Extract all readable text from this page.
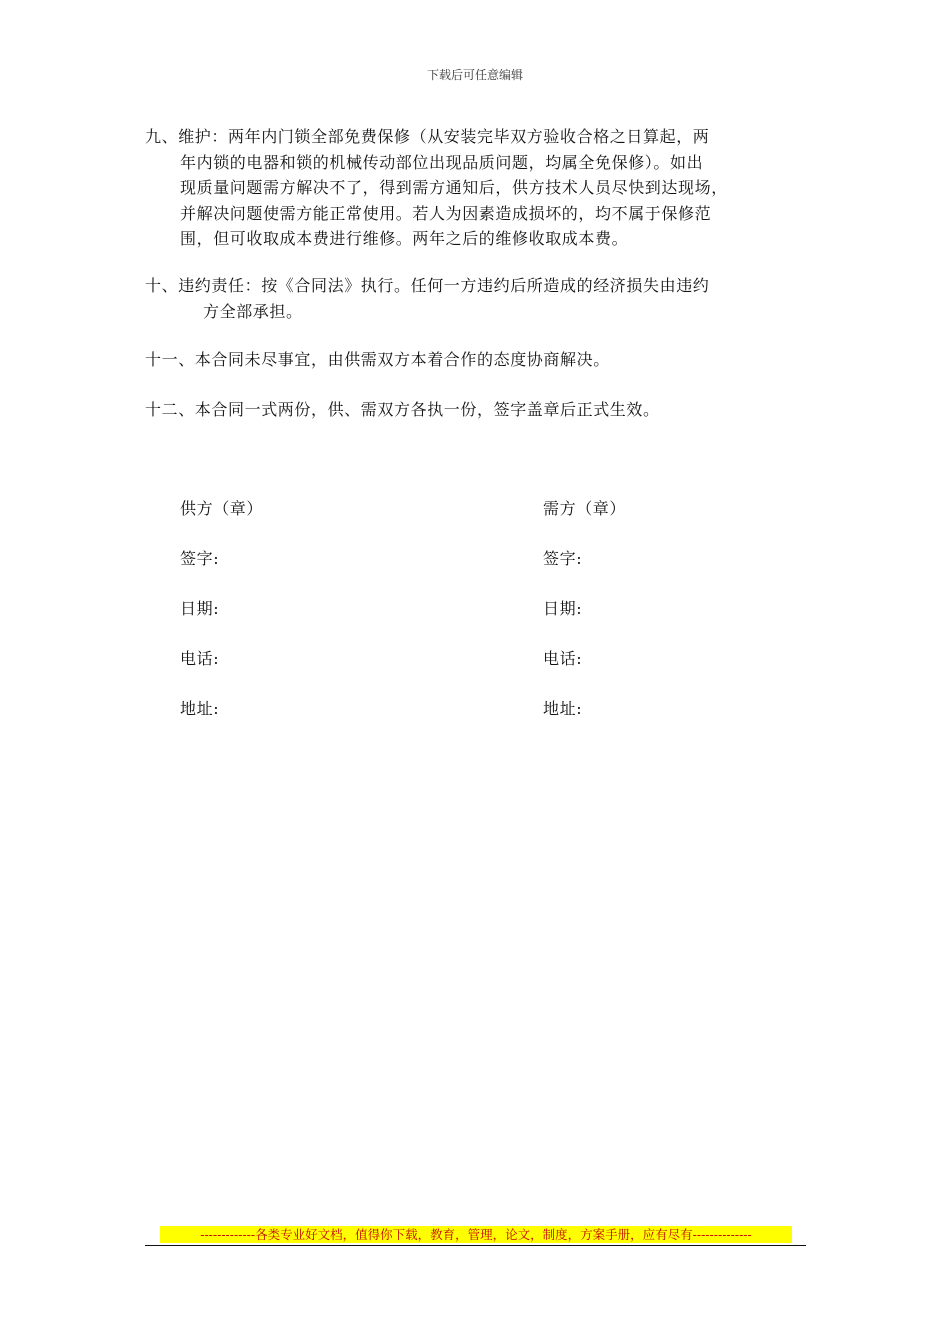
下载后可任意编辑
九、维护：两年内门锁全部免费保修（从安装完毕双方验收合格之日算起，两
年内锁的电器和锁的机械传动部位出现品质问题，均属全免保修）。如出
现质量问题需方解决不了，得到需方通知后，供方技术人员尽快到达现场，
并解决问题使需方能正常使用。若人为因素造成损坏的，均不属于保修范
围，但可收取成本费进行维修。两年之后的维修收取成本费。
十、违约责任：按《合同法》执行。任何一方违约后所造成的经济损失由违约
方全部承担。
十一、本合同未尽事宜，由供需双方本着合作的态度协商解决。
十二、本合同一式两份，供、需双方各执一份，签字盖章后正式生效。
供方（章）
签字:
日期:
电话:
地址:
需方（章）
签字:
日期:
电话:
地址:
-------------各类专业好文档，值得你下载，教育，管理，论文，制度，方案手册，应有尽有--------------
